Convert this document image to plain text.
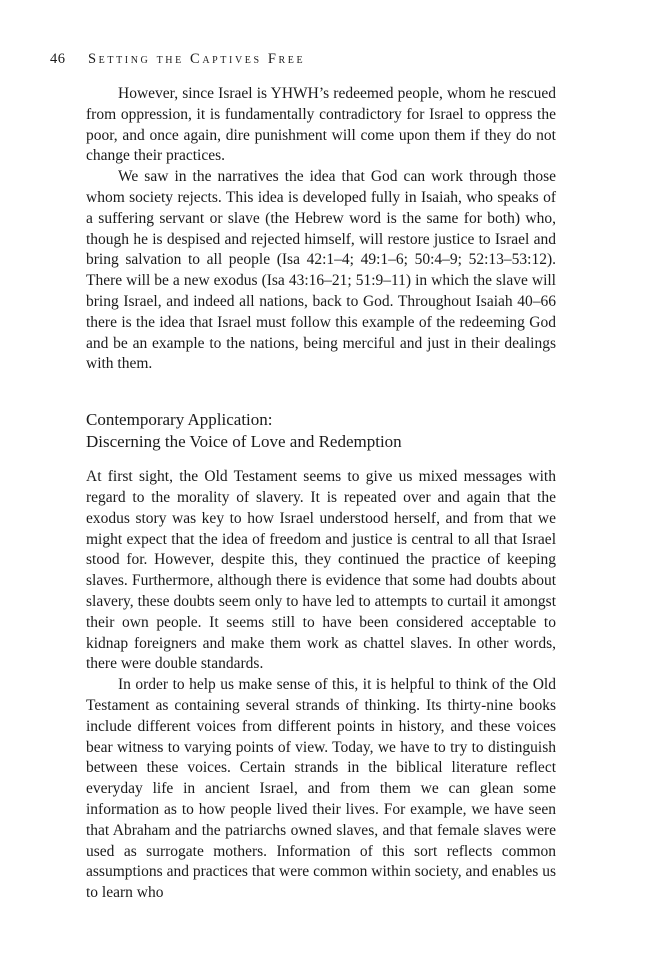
46 Setting the Captives Free

However, since Israel is YHWH’s redeemed people, whom he rescued from oppression, it is fundamentally contradictory for Israel to oppress the poor, and once again, dire punishment will come upon them if they do not change their practices.

We saw in the narratives the idea that God can work through those whom society rejects. This idea is developed fully in Isaiah, who speaks of a suffering servant or slave (the Hebrew word is the same for both) who, though he is despised and rejected himself, will restore justice to Israel and bring salvation to all people (Isa 42:1–4; 49:1–6; 50:4–9; 52:13–53:12). There will be a new exodus (Isa 43:16–21; 51:9–11) in which the slave will bring Israel, and indeed all nations, back to God. Throughout Isaiah 40–66 there is the idea that Israel must follow this example of the redeeming God and be an example to the nations, being merciful and just in their dealings with them.

Contemporary Application:
Discerning the Voice of Love and Redemption

At first sight, the Old Testament seems to give us mixed messages with regard to the morality of slavery. It is repeated over and again that the exodus story was key to how Israel understood herself, and from that we might expect that the idea of freedom and justice is central to all that Israel stood for. However, despite this, they continued the practice of keeping slaves. Furthermore, although there is evidence that some had doubts about slavery, these doubts seem only to have led to attempts to curtail it amongst their own people. It seems still to have been considered acceptable to kidnap foreigners and make them work as chattel slaves. In other words, there were double standards.

In order to help us make sense of this, it is helpful to think of the Old Testament as containing several strands of thinking. Its thirty-nine books include different voices from different points in history, and these voices bear witness to varying points of view. Today, we have to try to distinguish between these voices. Certain strands in the biblical literature reflect everyday life in ancient Israel, and from them we can glean some information as to how people lived their lives. For example, we have seen that Abraham and the patriarchs owned slaves, and that female slaves were used as surrogate mothers. Information of this sort reflects common assumptions and practices that were common within society, and enables us to learn who
